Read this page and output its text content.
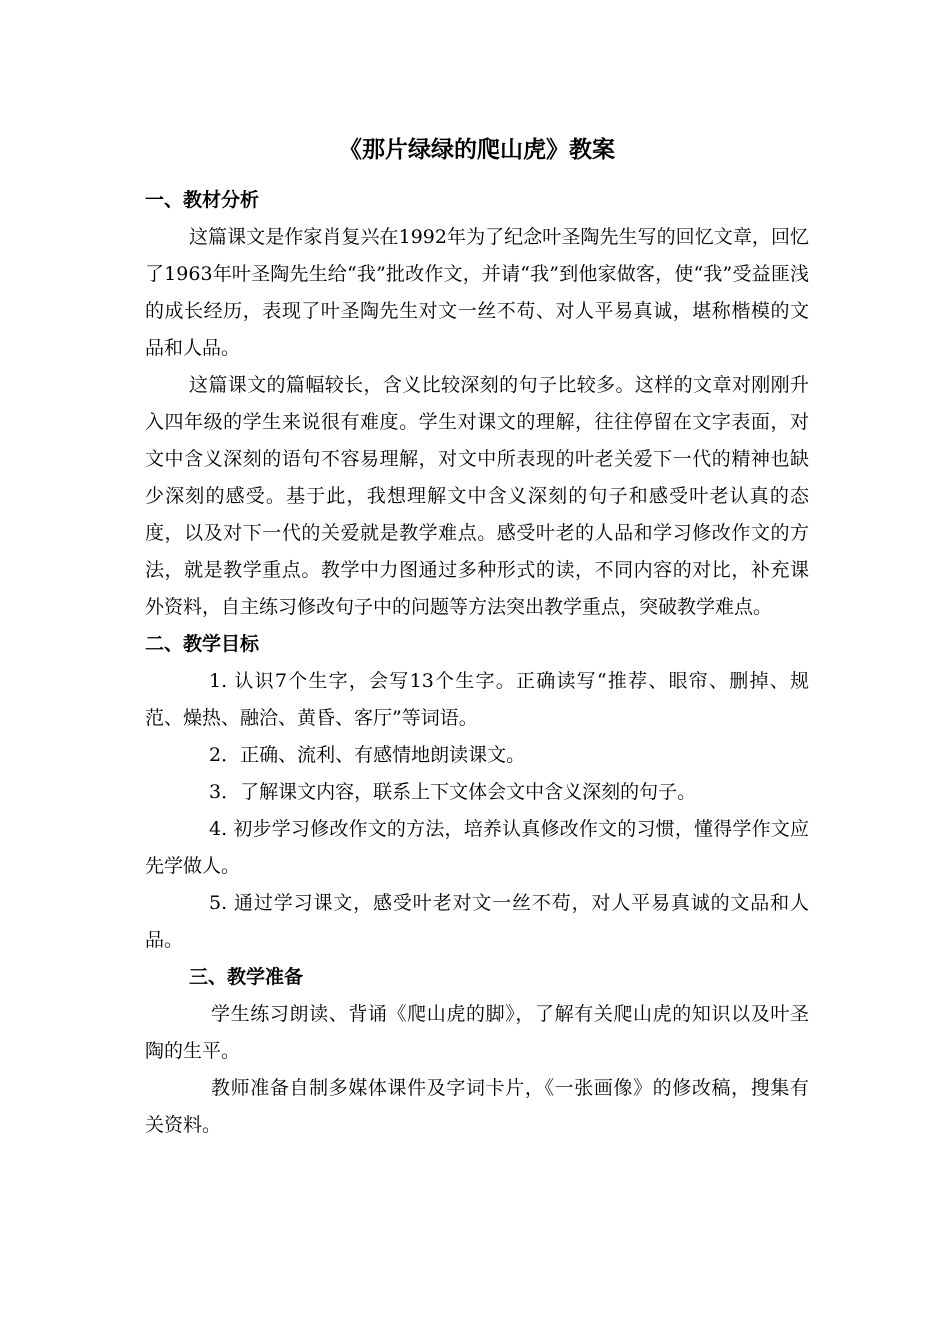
《那片绿绿的爬山虎》教案
一、教材分析

这篇课文是作家肖复兴在1992年为了纪念叶圣陶先生写的回忆文章，回忆了1963年叶圣陶先生给“我”批改作文，并请“我”到他家做客，使“我”受益匪浅的成长经历，表现了叶圣陶先生对文一丝不苟、对人平易真诚，堪称楷模的文品和人品。

这篇课文的篇幅较长，含义比较深刻的句子比较多。这样的文章对刚刚升入四年级的学生来说很有难度。学生对课文的理解，往往停留在文字表面，对文中含义深刻的语句不容易理解，对文中所表现的叶老关爱下一代的精神也缺少深刻的感受。基于此，我想理解文中含义深刻的句子和感受叶老认真的态度，以及对下一代的关爱就是教学难点。感受叶老的人品和学习修改作文的方法，就是教学重点。教学中力图通过多种形式的读，不同内容的对比，补充课外资料，自主练习修改句子中的问题等方法突出教学重点，突破教学难点。

二、教学目标

1. 认识7个生字，会写13个生字。正确读写“推荐、眼帘、删掉、规范、燥热、融洽、黄昏、客厅”等词语。

2．正确、流利、有感情地朗读课文。

3．了解课文内容，联系上下文体会文中含义深刻的句子。

4. 初步学习修改作文的方法，培养认真修改作文的习惯，懂得学作文应先学做人。

5. 通过学习课文，感受叶老对文一丝不苟，对人平易真诚的文品和人品。

三、教学准备

学生练习朗读、背诵《爬山虎的脚》，了解有关爬山虎的知识以及叶圣陶的生平。

教师准备自制多媒体课件及字词卡片，《一张画像》的修改稿，搜集有关资料。
